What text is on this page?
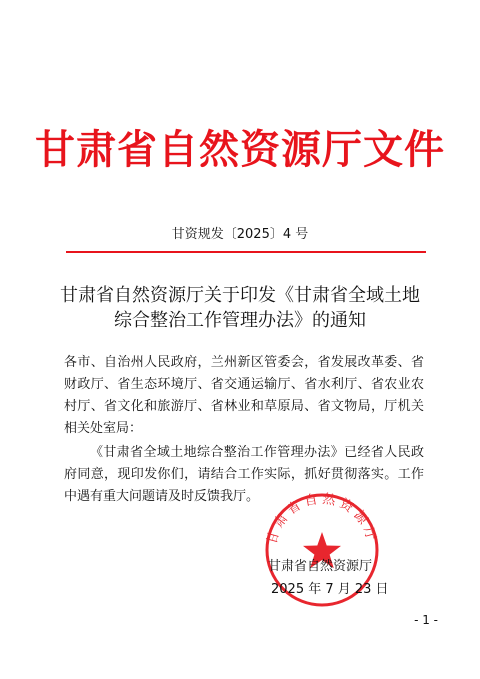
甘肃省自然资源厅文件
甘资规发〔2025〕4 号
甘肃省自然资源厅关于印发《甘肃省全域土地
综合整治工作管理办法》的通知
各市、自治州人民政府，兰州新区管委会，省发展改革委、省财政厅、省生态环境厅、省交通运输厅、省水利厅、省农业农村厅、省文化和旅游厅、省林业和草原局、省文物局，厅机关相关处室局：
《甘肃省全域土地综合整治工作管理办法》已经省人民政府同意，现印发你们，请结合工作实际，抓好贯彻落实。工作中遇有重大问题请及时反馈我厅。
甘肃省自然资源厅
甘肃省自然资源厅
2025 年 7 月 23 日
- 1 -
